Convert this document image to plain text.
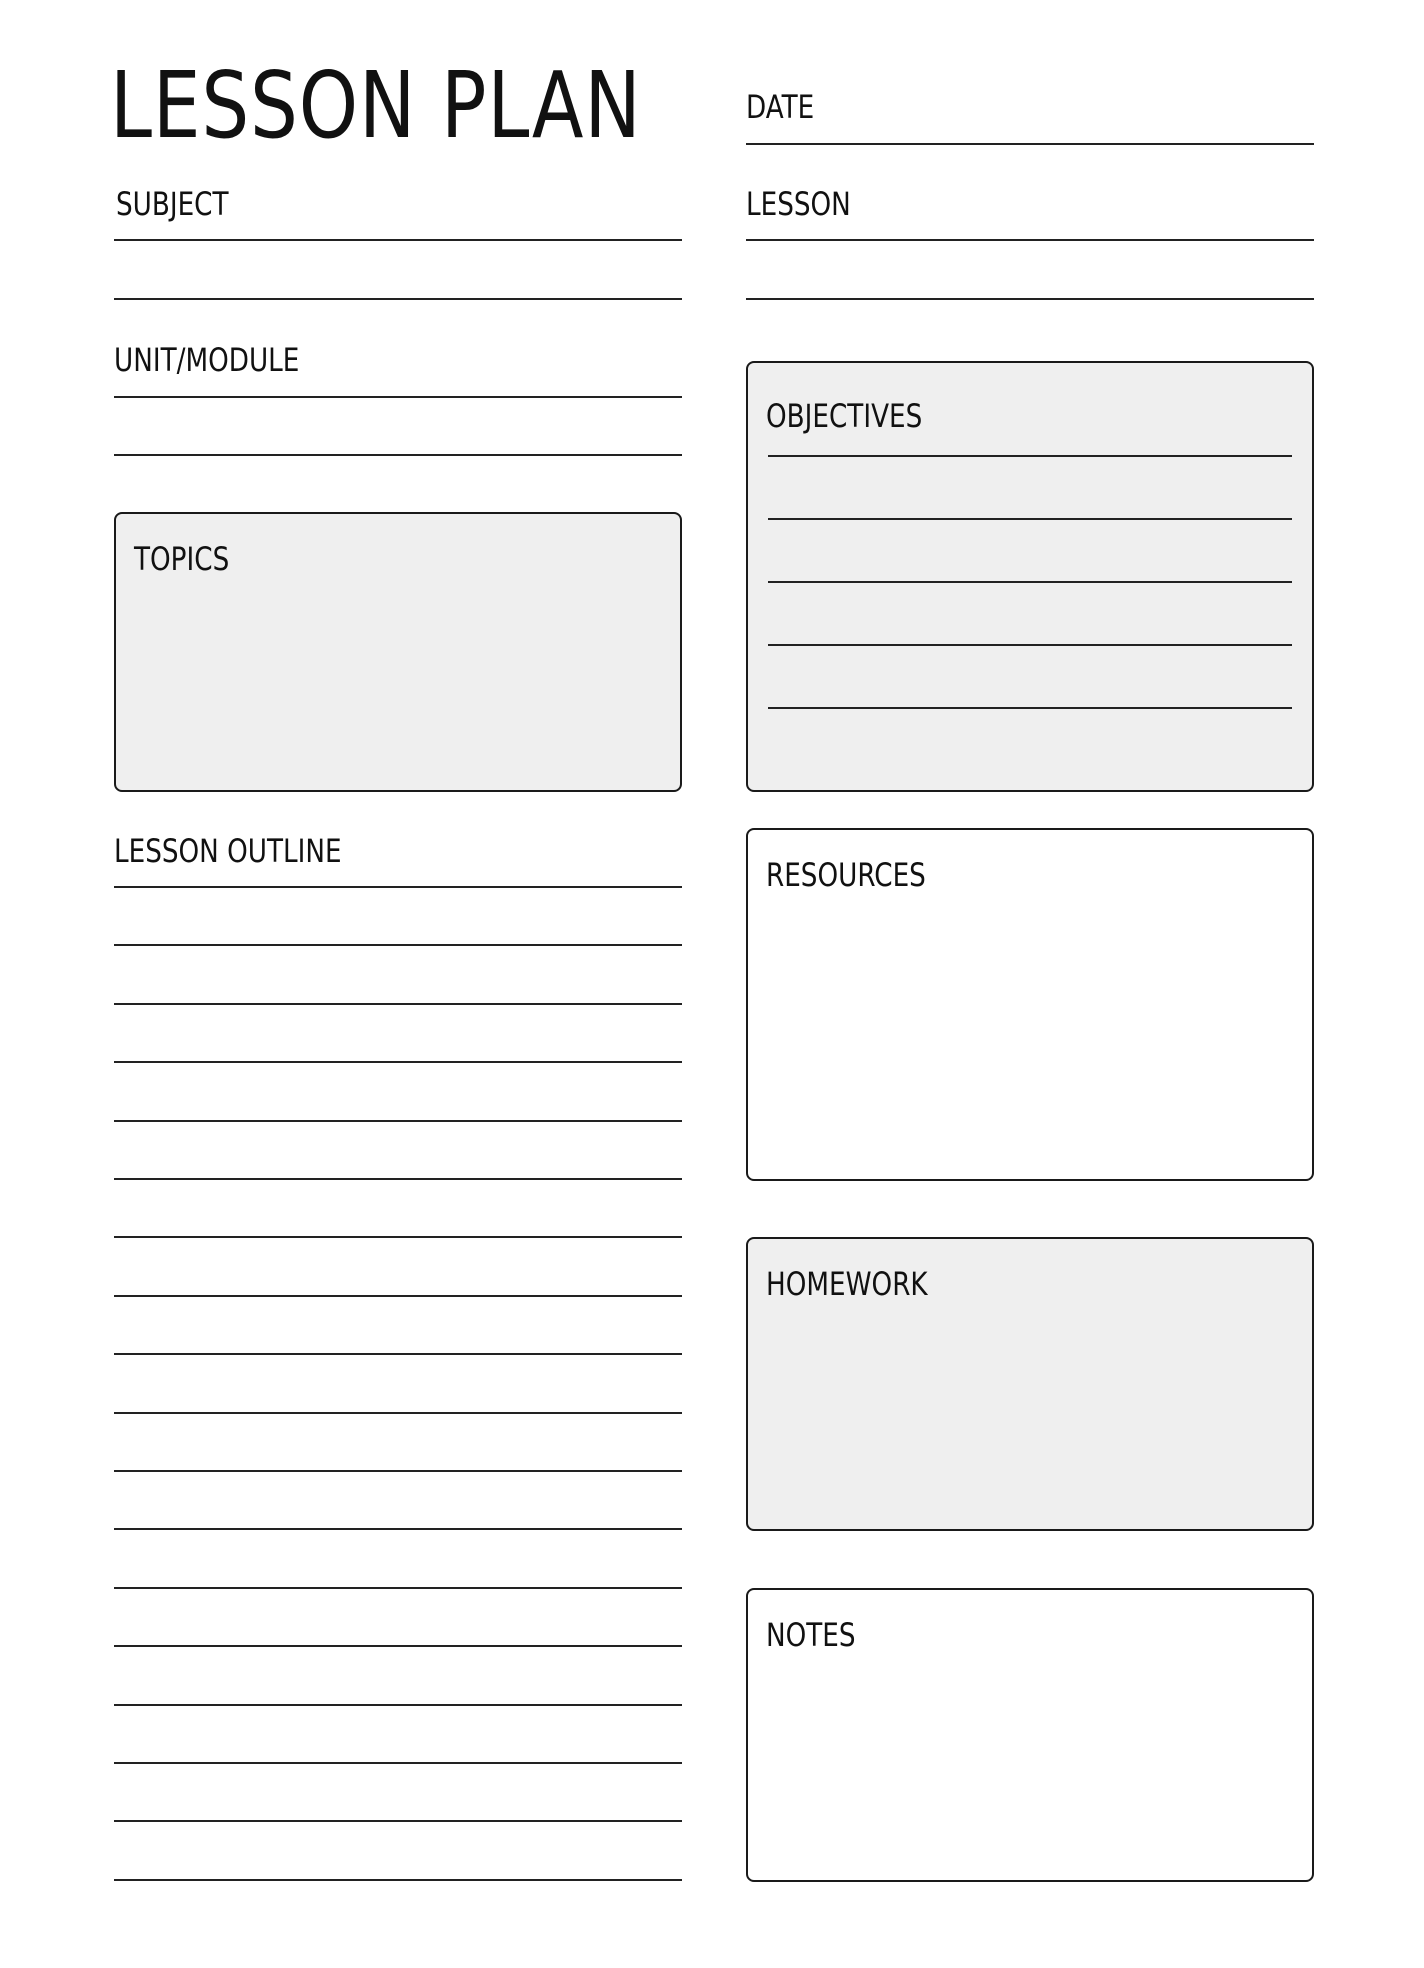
LESSON PLAN	DATE
SUBJECT	LESSON
UNIT/MODULE
TOPICS
OBJECTIVES
LESSON OUTLINE
RESOURCES
HOMEWORK
NOTES
